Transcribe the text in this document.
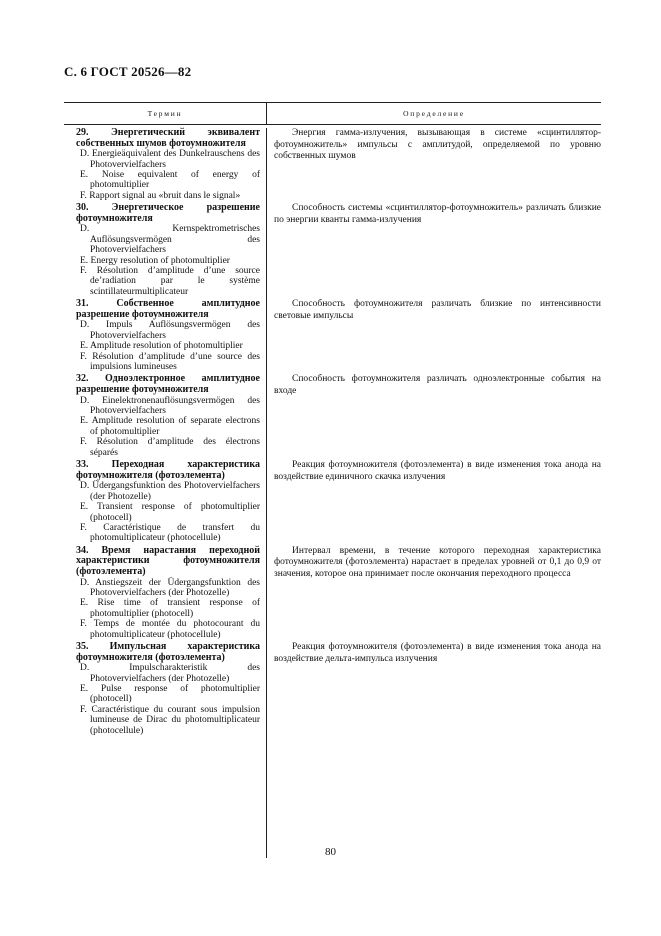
С. 6 ГОСТ 20526—82
Термин	Определение
29. Энергетический эквивалент собственных шумов фотоумножителя
D. Energieäquivalent des Dunkelrauschens des Photovervielfachers
E. Noise equivalent of energy of photomultiplier
F. Rapport signal au «bruit dans le signal»
Энергия гамма-излучения, вызывающая в системе «сцинтиллятор-фотоумножитель» импульсы с амплитудой, определяемой по уровню собственных шумов
30. Энергетическое разрешение фотоумножителя
D. Kernspektrometrisches Auflösungsvermögen des Photovervielfachers
E. Energy resolution of photomultiplier
F. Résolution d’amplitude d’une source de’radiation par le système scintillateurmultiplicateur
Способность системы «сцинтиллятор-фотоумножитель» различать близкие по энергии кванты гамма-излучения
31. Собственное амплитудное разрешение фотоумножителя
D. Impuls Auflösungsvermögen des Photovervielfachers
E. Amplitude resolution of photomultiplier
F. Résolution d’amplitude d’une source des impulsions lumineuses
Способность фотоумножителя различать близкие по интенсивности световые импульсы
32. Одноэлектронное амплитудное разрешение фотоумножителя
D. Einelektronenauflösungsvermögen des Photovervielfachers
E. Amplitude resolution of separate electrons of photomultiplier
F. Résolution d’amplitude des électrons séparés
Способность фотоумножителя различать одноэлектронные события на входе
33. Переходная характеристика фотоумножителя (фотоэлемента)
D. Üdergangsfunktion des Photovervielfachers (der Photozelle)
E. Transient response of photomultiplier (photocell)
F. Caractéristique de transfert du photomultiplicateur (photocellule)
Реакция фотоумножителя (фотоэлемента) в виде изменения тока анода на воздействие единичного скачка излучения
34. Время нарастания переходной характеристики фотоумножителя (фотоэлемента)
D. Anstiegszeit der Üdergangsfunktion des Photovervielfachers (der Photozelle)
E. Rise time of transient response of photomultiplier (photocell)
F. Temps de montée du photocourant du photomultiplicateur (photocellule)
Интервал времени, в течение которого переходная характеристика фотоумножителя (фотоэлемента) нарастает в пределах уровней от 0,1 до 0,9 от значения, которое она принимает после окончания переходного процесса
35. Импульсная характеристика фотоумножителя (фотоэлемента)
D. Impulscharakteristik des Photovervielfachers (der Photozelle)
E. Pulse response of photomultiplier (photocell)
F. Caractéristique du courant sous impulsion lumineuse de Dirac du photomultiplicateur (photocellule)
Реакция фотоумножителя (фотоэлемента) в виде изменения тока анода на воздействие дельта-импульса излучения
80
